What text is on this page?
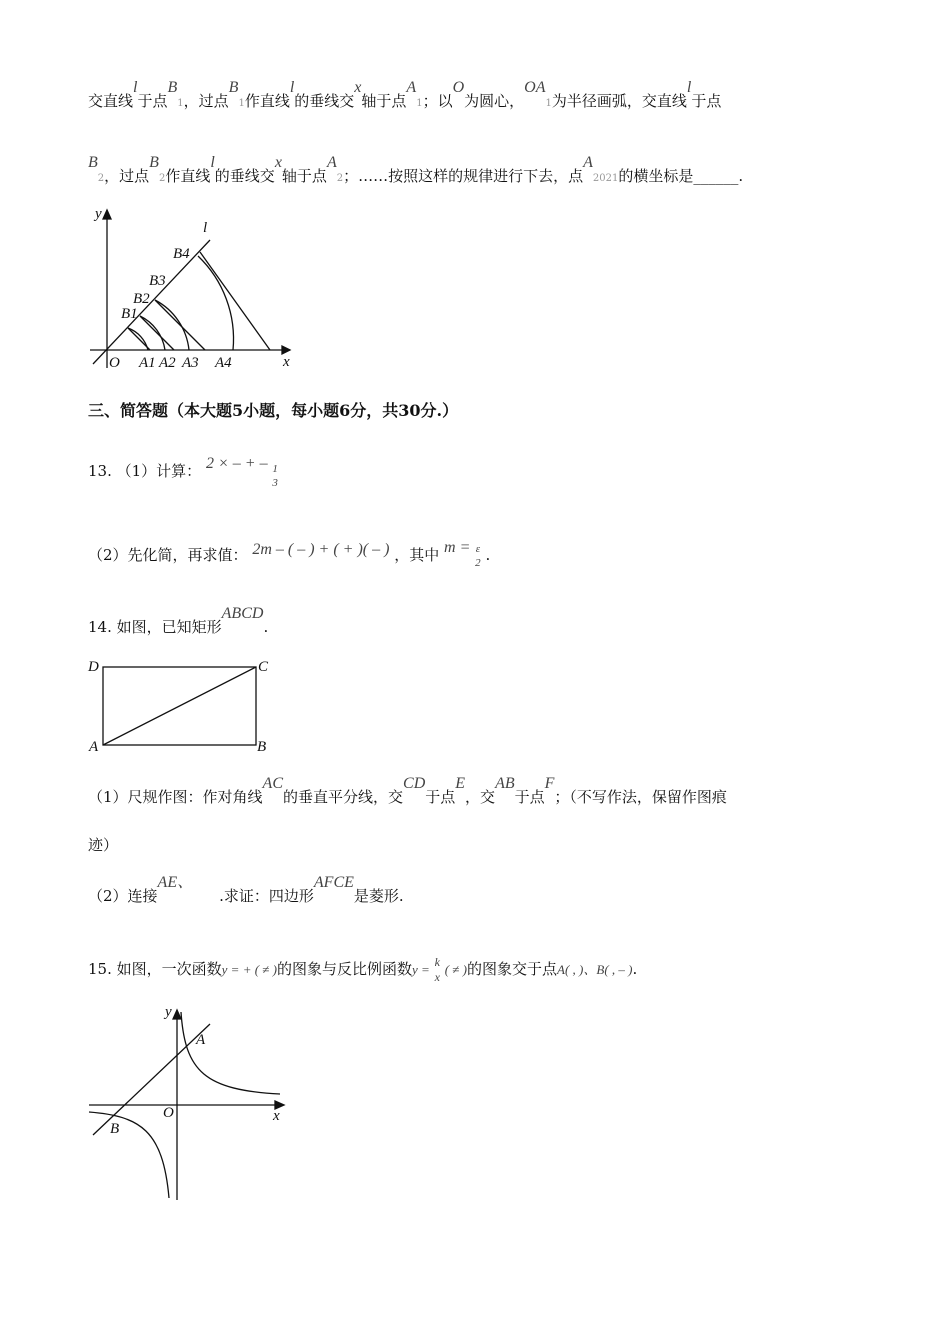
交直线l于点B1，过点B1作直线l的垂线交x轴于点A1；以O为圆心，OA1为半径画弧，交直线l于点
B2，过点B2作直线l的垂线交x轴于点A2；……按照这样的规律进行下去，点A2021的横坐标是______.
y
x
O
l
B1
B2
B3
B4
A1 A2 A3 A4
三、简答题（本大题5小题，每小题6分，共30分.）
13. （1）计算： 2 × – + – 1
3
（2）先化简，再求值： 2m – ( – ) + ( + )( – ) ，其中 m = ε
2 .
14. 如图，已知矩形ABCD.
D	C
A	B
（1）尺规作图：作对角线AC的垂直平分线，交CD于点E，交AB于点F；（不写作法，保留作图痕
迹）
（2）连接AE、.求证：四边形AFCE是菱形.
15. 如图，一次函数y = + ( ≠ )的图象与反比例函数y = k
x ( ≠ )的图象交于点A( , )、B( , – ).
y
x
O
A
B
